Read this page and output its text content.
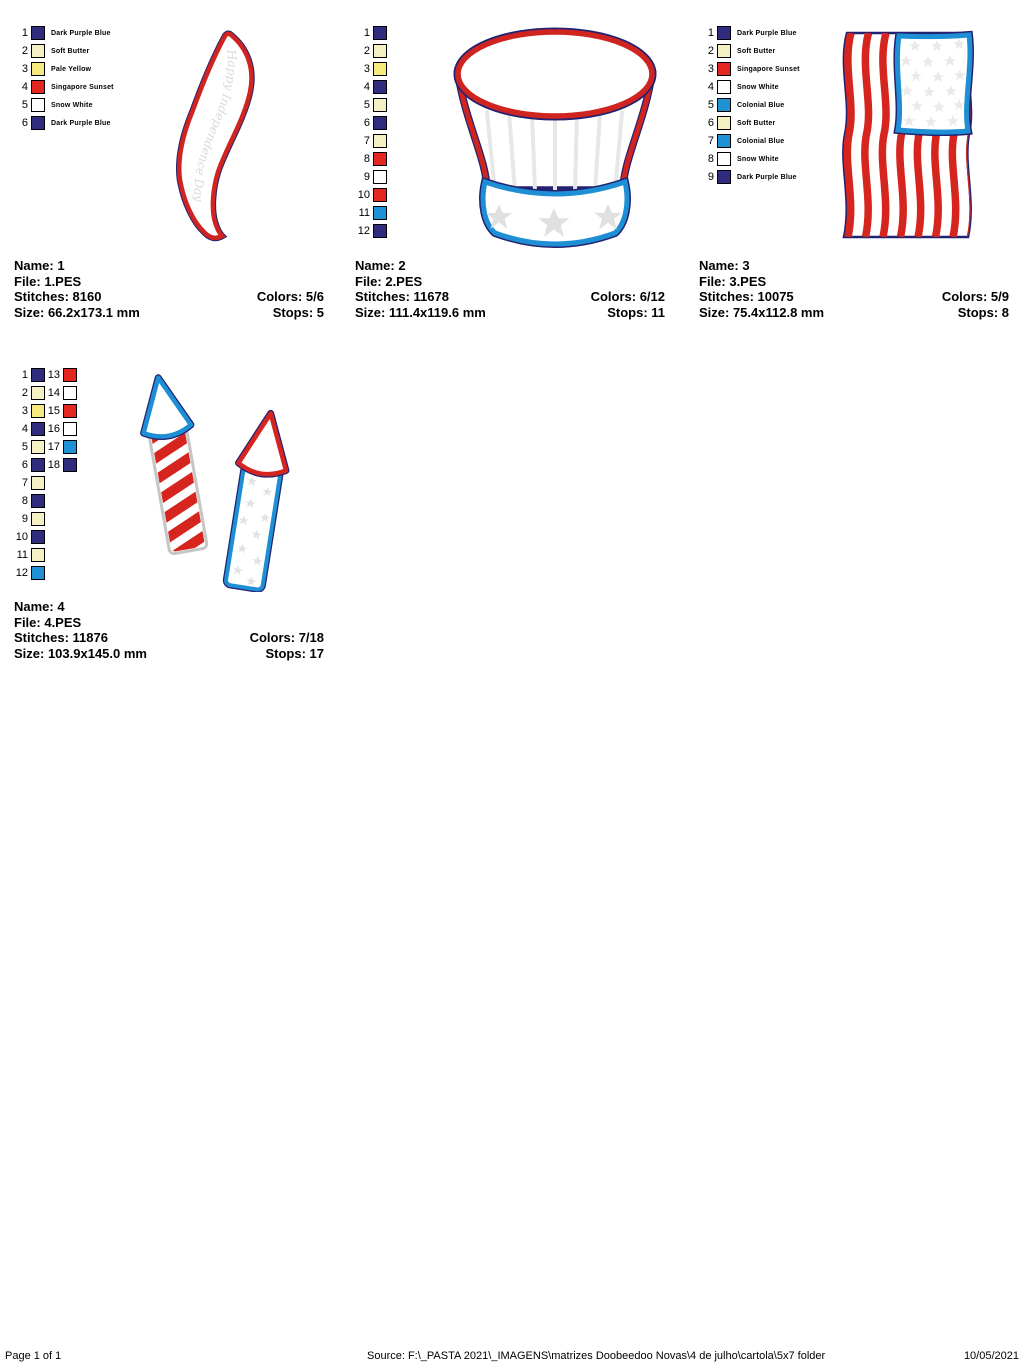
1	Dark Purple Blue
2	Soft Butter
3	Pale Yellow
4	Singapore Sunset
5	Snow White
6	Dark Purple Blue
Happy Independence Day
Name: 1
File: 1.PES
Stitches: 8160	Colors: 5/6
Size: 66.2x173.1 mm	Stops: 5
1
2
3
4
5
6
7
8
9
10
11
12
Name: 2
File: 2.PES
Stitches: 11678	Colors: 6/12
Size: 111.4x119.6 mm	Stops: 11
1	Dark Purple Blue
2	Soft Butter
3	Singapore Sunset
4	Snow White
5	Colonial Blue
6	Soft Butter
7	Colonial Blue
8	Snow White
9	Dark Purple Blue
Name: 3
File: 3.PES
Stitches: 10075	Colors: 5/9
Size: 75.4x112.8 mm	Stops: 8
1
2
3
4
5
6
7
8
9
10
11
12
13
14
15
16
17
18
Name: 4
File: 4.PES
Stitches: 11876	Colors: 7/18
Size: 103.9x145.0 mm	Stops: 17
Page 1 of 1	Source: F:\_PASTA 2021\_IMAGENS\matrizes Doobeedoo Novas\4 de julho\cartola\5x7 folder	10/05/2021
